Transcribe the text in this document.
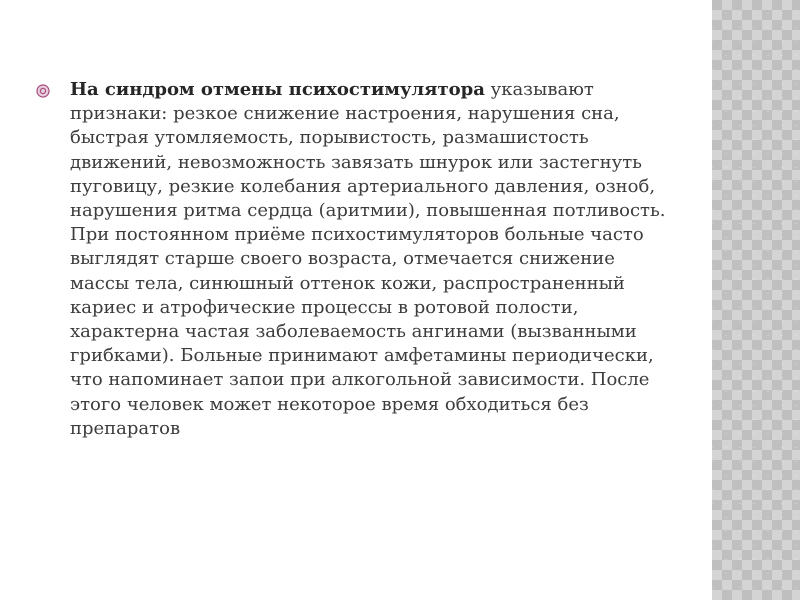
На синдром отмены психостимулятора указывают признаки: резкое снижение настроения, нарушения сна, быстрая утомляемость, порывистость, размашистость движений, невозможность завязать шнурок или застегнуть пуговицу, резкие колебания артериального давления, озноб, нарушения ритма сердца (аритмии), повышенная потливость. При постоянном приёме психостимуляторов больные часто выглядят старше своего возраста, отмечается снижение массы тела, синюшный оттенок кожи, распространенный кариес и атрофические процессы в ротовой полости, характерна частая заболеваемость ангинами (вызванными грибками). Больные принимают амфетамины периодически, что напоминает запои при алкогольной зависимости. После этого человек может некоторое время обходиться без препаратов
